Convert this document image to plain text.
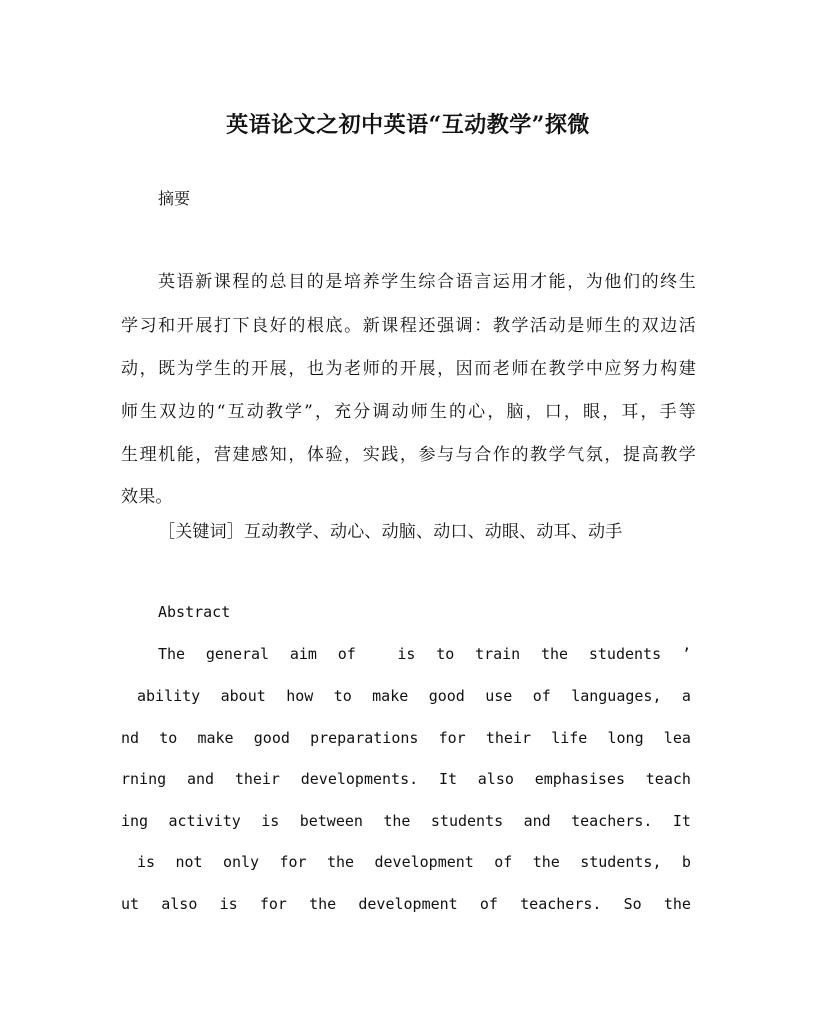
英语论文之初中英语“互动教学”探微
摘要
英语新课程的总目的是培养学生综合语言运用才能，为他们的终生
学习和开展打下良好的根底。新课程还强调：教学活动是师生的双边活
动，既为学生的开展，也为老师的开展，因而老师在教学中应努力构建
师生双边的“互动教学”，充分调动师生的心，脑，口，眼，耳，手等
生理机能，营建感知，体验，实践，参与与合作的教学气氛，提高教学
效果。
［关键词］互动教学、动心、动脑、动口、动眼、动耳、动手
Abstract
The general aim of	is to train the students ’
ability about how to make good use of languages, a
nd to make good preparations for their life long lea
rning and their developments. It also emphasises teach
ing activity is between the students and teachers. It
is not only for the development of the students, b
ut also is for the development of teachers. So the
